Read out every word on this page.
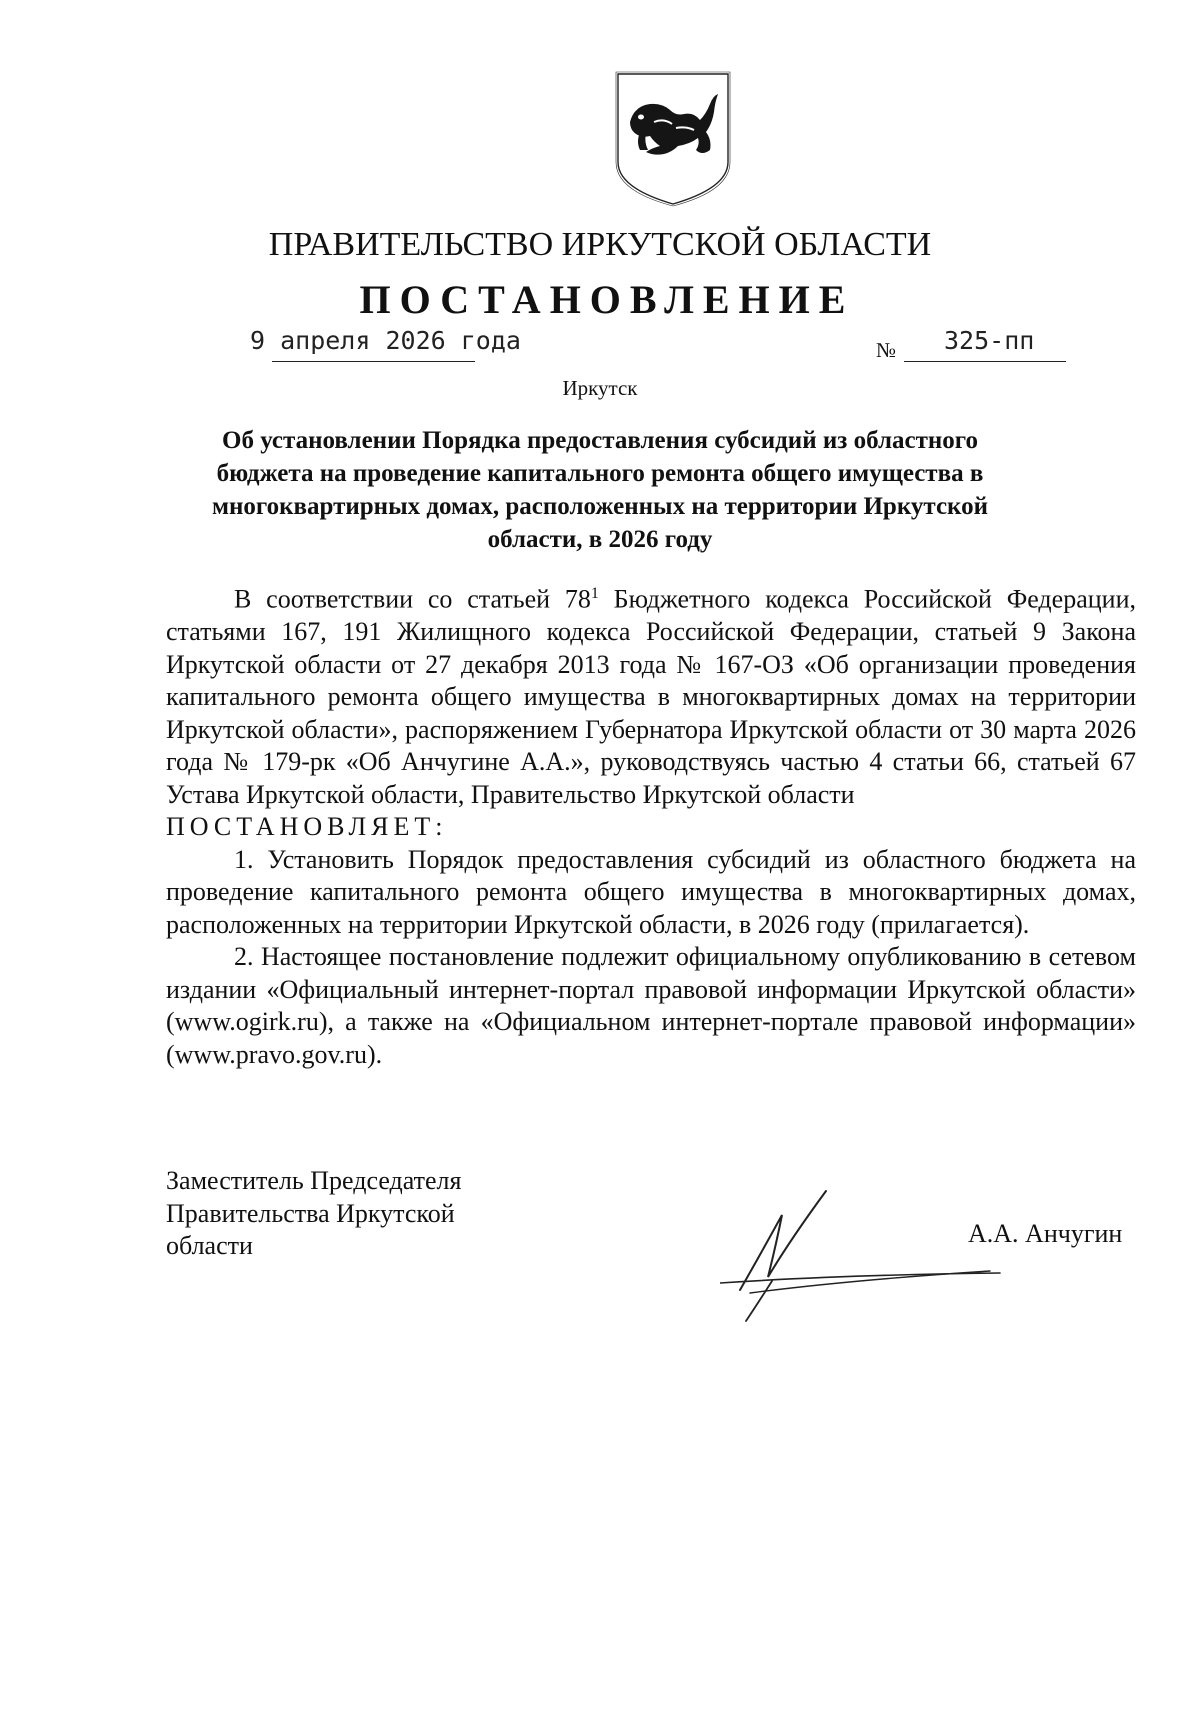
ПРАВИТЕЛЬСТВО ИРКУТСКОЙ ОБЛАСТИ
ПОСТАНОВЛЕНИЕ
9 апреля 2026 года	№ 325-пп
Иркутск
Об установлении Порядка предоставления субсидий из областного бюджета на проведение капитального ремонта общего имущества в многоквартирных домах, расположенных на территории Иркутской области, в 2026 году

В соответствии со статьей $78^1$ Бюджетного кодекса Российской Федерации, статьями 167, 191 Жилищного кодекса Российской Федерации, статьей 9 Закона Иркутской области от 27 декабря 2013 года № 167-ОЗ «Об организации проведения капитального ремонта общего имущества в многоквартирных домах на территории Иркутской области», распоряжением Губернатора Иркутской области от 30 марта 2026 года № 179-рк «Об Анчугине А.А.», руководствуясь частью 4 статьи 66, статьей 67 Устава Иркутской области, Правительство Иркутской области

ПОСТАНОВЛЯЕТ:

1. Установить Порядок предоставления субсидий из областного бюджета на проведение капитального ремонта общего имущества в многоквартирных домах, расположенных на территории Иркутской области, в 2026 году (прилагается).

2. Настоящее постановление подлежит официальному опубликованию в сетевом издании «Официальный интернет-портал правовой информации Иркутской области» (www.ogirk.ru), а также на «Официальном интернет-портале правовой информации» (www.pravo.gov.ru).

Заместитель Председателя
Правительства Иркутской
области	А.А. Анчугин
